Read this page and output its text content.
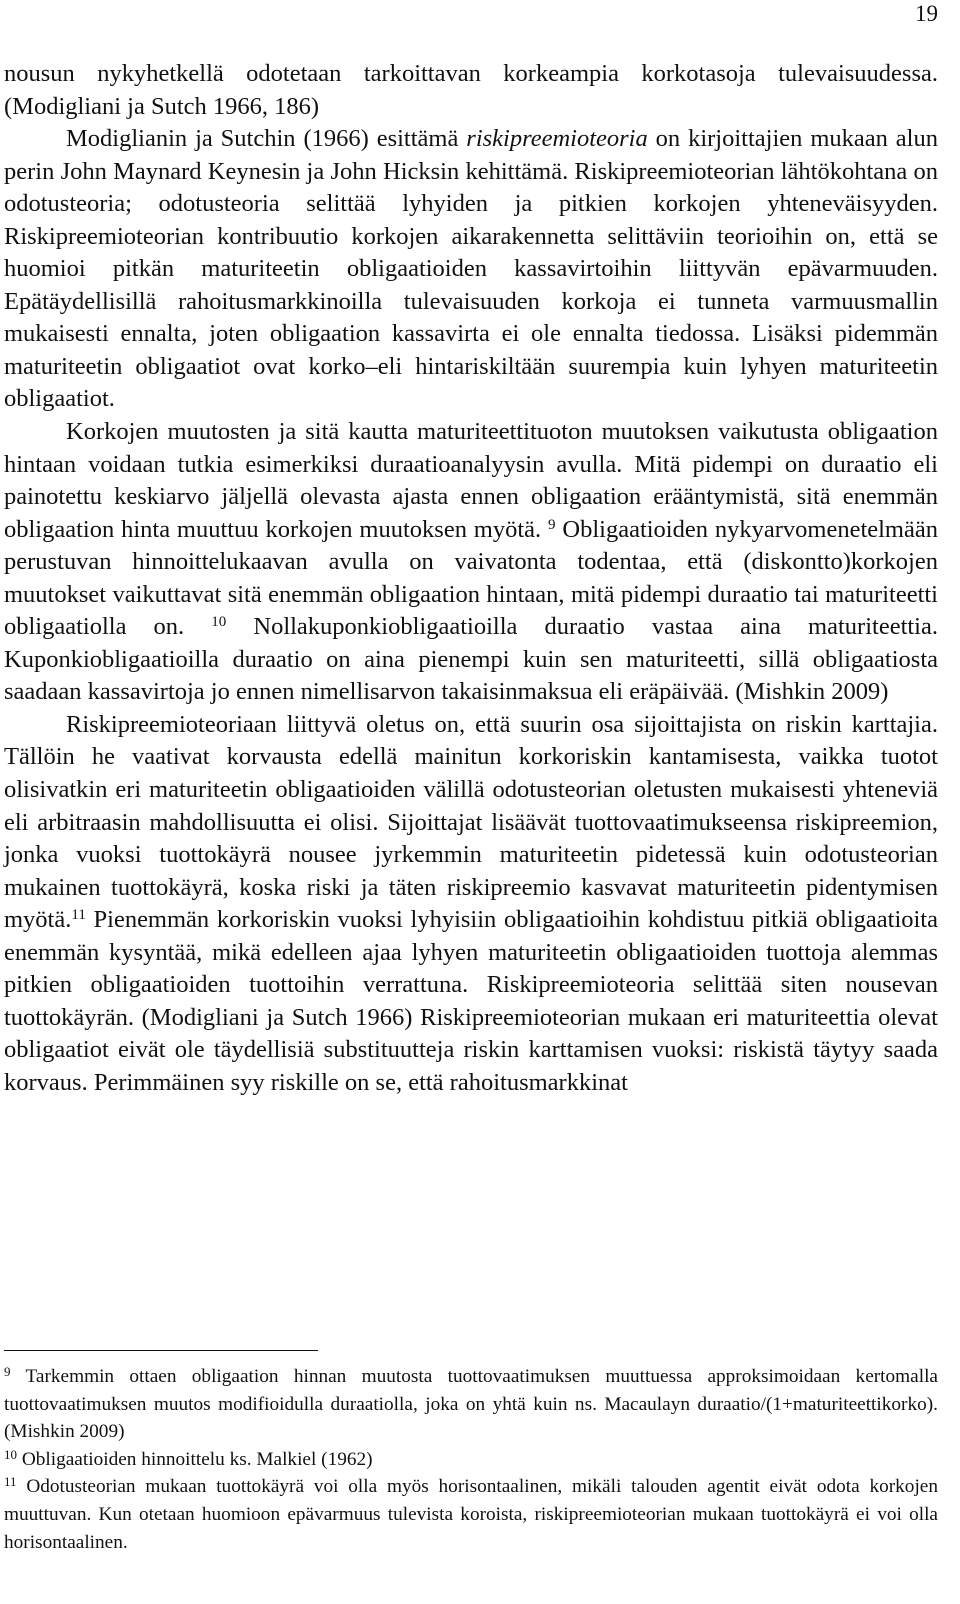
19

nousun nykyhetkellä odotetaan tarkoittavan korkeampia korkotasoja tulevaisuudessa. (Modigliani ja Sutch 1966, 186)

Modiglianin ja Sutchin (1966) esittämä riskipreemioteoria on kirjoittajien mukaan alun perin John Maynard Keynesin ja John Hicksin kehittämä. Riskipreemioteorian lähtökohtana on odotusteoria; odotusteoria selittää lyhyiden ja pitkien korkojen yhteneväisyyden. Riskipreemioteorian kontribuutio korkojen aikarakennetta selittäviin teorioihin on, että se huomioi pitkän maturiteetin obligaatioiden kassavirtoihin liittyvän epävarmuuden. Epätäydellisillä rahoitusmarkkinoilla tulevaisuuden korkoja ei tunneta varmuusmallin mukaisesti ennalta, joten obligaation kassavirta ei ole ennalta tiedossa. Lisäksi pidemmän maturiteetin obligaatiot ovat korko–eli hintariskiltään suurempia kuin lyhyen maturiteetin obligaatiot.

Korkojen muutosten ja sitä kautta maturiteettituoton muutoksen vaikutusta obligaation hintaan voidaan tutkia esimerkiksi duraatioanalyysin avulla. Mitä pidempi on duraatio eli painotettu keskiarvo jäljellä olevasta ajasta ennen obligaation erääntymistä, sitä enemmän obligaation hinta muuttuu korkojen muutoksen myötä. $^9$ Obligaatioiden nykyarvomenetelmään perustuvan hinnoittelukaavan avulla on vaivatonta todentaa, että (diskontto)korkojen muutokset vaikuttavat sitä enemmän obligaation hintaan, mitä pidempi duraatio tai maturiteetti obligaatiolla on. $^{10}$ Nollakuponkiobligaatioilla duraatio vastaa aina maturiteettia. Kuponkiobligaatioilla duraatio on aina pienempi kuin sen maturiteetti, sillä obligaatiosta saadaan kassavirtoja jo ennen nimellisarvon takaisinmaksua eli eräpäivää. (Mishkin 2009)

Riskipreemioteoriaan liittyvä oletus on, että suurin osa sijoittajista on riskin karttajia. Tällöin he vaativat korvausta edellä mainitun korkoriskin kantamisesta, vaikka tuotot olisivatkin eri maturiteetin obligaatioiden välillä odotusteorian oletusten mukaisesti yhteneviä eli arbitraasin mahdollisuutta ei olisi. Sijoittajat lisäävät tuottovaatimukseensa riskipreemion, jonka vuoksi tuottokäyrä nousee jyrkemmin maturiteetin pidetessä kuin odotusteorian mukainen tuottokäyrä, koska riski ja täten riskipreemio kasvavat maturiteetin pidentymisen myötä.$^{11}$ Pienemmän korkoriskin vuoksi lyhyisiin obligaatioihin kohdistuu pitkiä obligaatioita enemmän kysyntää, mikä edelleen ajaa lyhyen maturiteetin obligaatioiden tuottoja alemmas pitkien obligaatioiden tuottoihin verrattuna. Riskipreemioteoria selittää siten nousevan tuottokäyrän. (Modigliani ja Sutch 1966) Riskipreemioteorian mukaan eri maturiteettia olevat obligaatiot eivät ole täydellisiä substituutteja riskin karttamisen vuoksi: riskistä täytyy saada korvaus. Perimmäinen syy riskille on se, että rahoitusmarkkinat

$^9$ Tarkemmin ottaen obligaation hinnan muutosta tuottovaatimuksen muuttuessa approksimoidaan kertomalla tuottovaatimuksen muutos modifioidulla duraatiolla, joka on yhtä kuin ns. Macaulayn duraatio/(1+maturiteettikorko). (Mishkin 2009)

$^{10}$ Obligaatioiden hinnoittelu ks. Malkiel (1962)

$^{11}$ Odotusteorian mukaan tuottokäyrä voi olla myös horisontaalinen, mikäli talouden agentit eivät odota korkojen muuttuvan. Kun otetaan huomioon epävarmuus tulevista koroista, riskipreemioteorian mukaan tuottokäyrä ei voi olla horisontaalinen.
